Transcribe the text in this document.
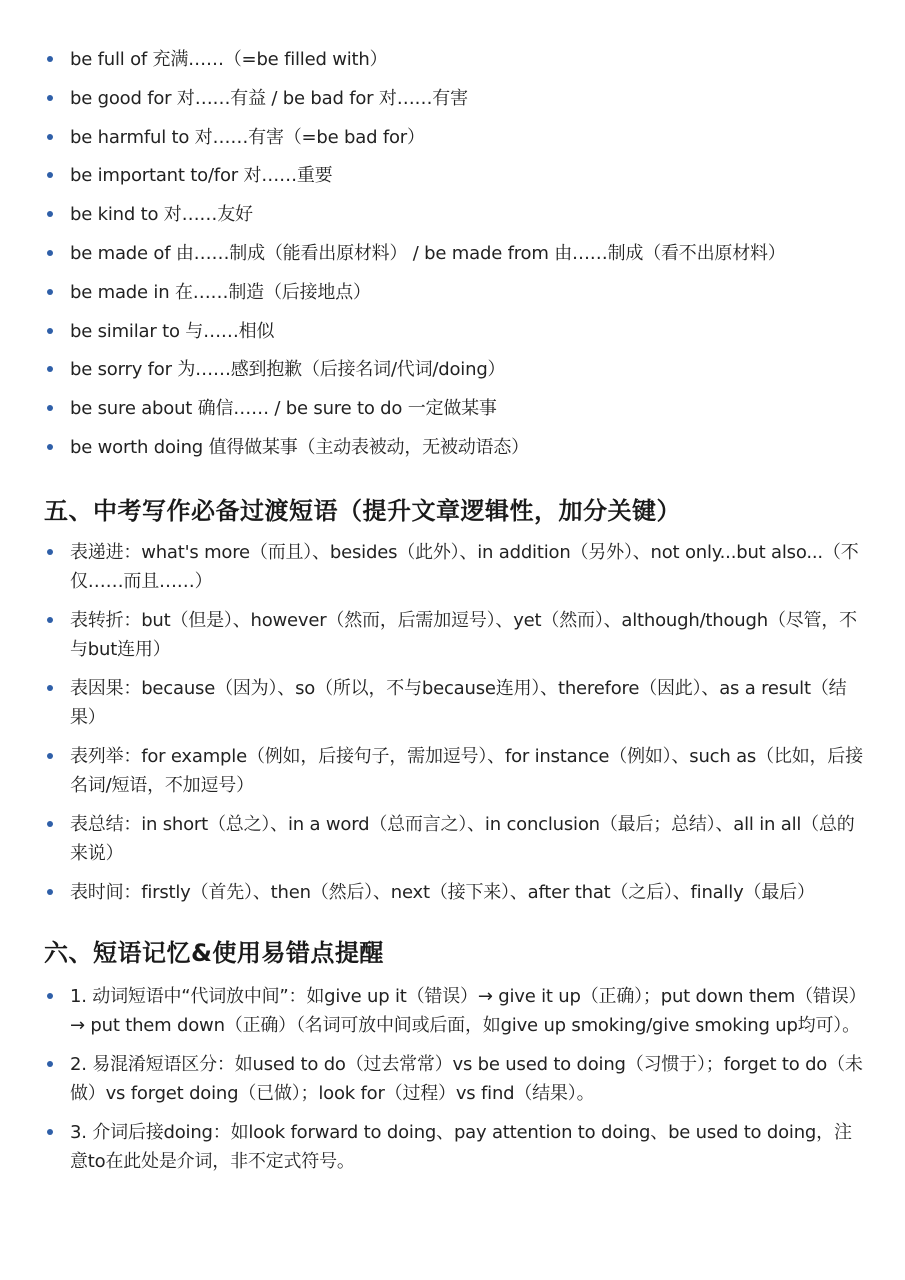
be full of 充满……（=be filled with）
be good for 对……有益 / be bad for 对……有害
be harmful to 对……有害（=be bad for）
be important to/for 对……重要
be kind to 对……友好
be made of 由……制成（能看出原材料） / be made from 由……制成（看不出原材料）
be made in 在……制造（后接地点）
be similar to 与……相似
be sorry for 为……感到抱歉（后接名词/代词/doing）
be sure about 确信…… / be sure to do 一定做某事
be worth doing 值得做某事（主动表被动，无被动语态）
五、中考写作必备过渡短语（提升文章逻辑性，加分关键）
表递进：what's more（而且）、besides（此外）、in addition（另外）、not only...but also...（不仅……而且……）
表转折：but（但是）、however（然而，后需加逗号）、yet（然而）、although/though（尽管，不与but连用）
表因果：because（因为）、so（所以，不与because连用）、therefore（因此）、as a result（结果）
表列举：for example（例如，后接句子，需加逗号）、for instance（例如）、such as（比如，后接名词/短语，不加逗号）
表总结：in short（总之）、in a word（总而言之）、in conclusion（最后；总结）、all in all（总的来说）
表时间：firstly（首先）、then（然后）、next（接下来）、after that（之后）、finally（最后）
六、短语记忆&使用易错点提醒
1. 动词短语中“代词放中间”：如give up it（错误）→ give it up（正确）；put down them（错误）→ put them down（正确）（名词可放中间或后面，如give up smoking/give smoking up均可）。
2. 易混淆短语区分：如used to do（过去常常）vs be used to doing（习惯于）；forget to do（未做）vs forget doing（已做）；look for（过程）vs find（结果）。
3. 介词后接doing：如look forward to doing、pay attention to doing、be used to doing，注意to在此处是介词，非不定式符号。
